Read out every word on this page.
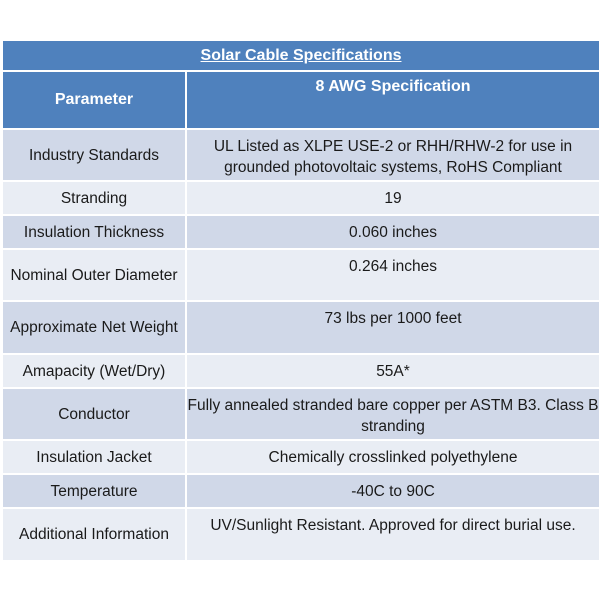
Solar Cable Specifications	
Parameter	8 AWG Specification
Industry Standards	UL Listed as XLPE USE-2 or RHH/RHW-2 for use in grounded photovoltaic systems, RoHS Compliant
Stranding	19
Insulation Thickness	0.060 inches
Nominal Outer Diameter	0.264 inches
Approximate Net Weight	73 lbs per 1000 feet
Amapacity (Wet/Dry)	55A*
Conductor	Fully annealed stranded bare copper per ASTM B3. Class B stranding
Insulation Jacket	Chemically crosslinked polyethylene
Temperature	-40C to 90C
Additional Information	UV/Sunlight Resistant. Approved for direct burial use.
